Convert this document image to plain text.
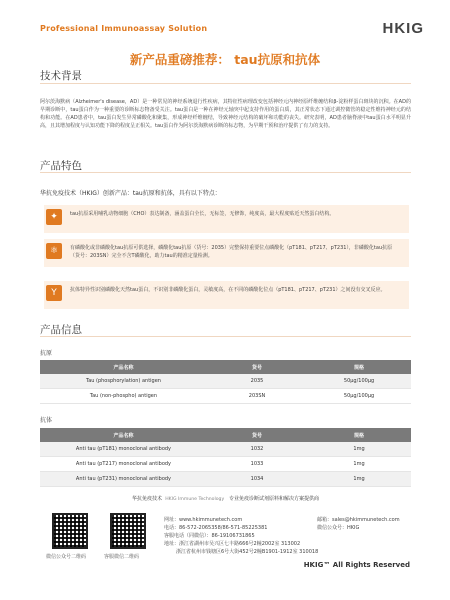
Professional Immunoassay Solution	HKIG
新产品重磅推荐： tau抗原和抗体
技术背景
阿尔茨海默病（Alzheimer's disease，AD）是一种常见的神经系统退行性疾病，其特征性病理改变包括神经元内神经原纤维缠结和β-淀粉样蛋白斑块的沉积。在AD的早期诊断中，tau蛋白作为一种重要的诊断标志物备受关注。tau蛋白是一种在神经元轴突中起支持作用的蛋白质，其正常状态下通过调控微管的稳定性维持神经元的结构和功能。在AD患者中，tau蛋白发生异常磷酸化和聚集，形成神经纤维缠结，导致神经元结构的破坏和功能的丧失。研究表明，AD患者脑脊液中tau蛋白水平明显升高，且其增加程度与认知功能下降的程度呈正相关。tau蛋白作为阿尔茨海默病诊断的标志物，为早期干预和治疗提供了有力的支持。
产品特色
华抗免疫技术（HKIG）创新产品：tau抗原和抗体，具有以下特点：
✦	tau抗原采用哺乳动物细胞（CHO）表达制备，涵盖蛋白全长，无标签，无修饰，纯度高，最大程度贴近天然蛋白结构。
⚛	有磷酸化或非磷酸化tau抗原可供选择，磷酸化tau抗原（货号：2035）完整保持重要位点磷酸化（pT181、pT217、pT231），非磷酸化tau抗原（货号：203SN）完全不含T磷酸化，助力tau的精准定量检测。
Y	抗体特异性识别磷酸化天然tau蛋白，不识别非磷酸化蛋白，灵敏度高，在不同的磷酸化位点（pT181、pT217、pT231）之间没有交叉反应。
产品信息
抗原
产品名称	货号	规格
Tau (phosphorylation) antigen	2035	50μg/100μg
Tau (non-phospho) antigen	203SN	50μg/100μg
抗体
产品名称	货号	规格
Anti tau (pT181) monoclonal antibody	1032	1mg
Anti tau (pT217) monoclonal antibody	1033	1mg
Anti tau (pT231) monoclonal antibody	1034	1mg
华抗免疫技术 HKIG Immune Technology 专业免疫诊断试剂原料和解决方案提供商
微信公众号二维码	客服微信二维码
网址：www.hkimmunetech.com	邮箱：sales@hkimmunetech.com
电话：86-572-2065358/86-571-85225381	微信公众号：HKIG
客服电话（同微信）：86-19106731865
地址：浙江省湖州市吴兴区七丰路666号2幢2002室 313002
浙江省杭州市钱塘区6号大街452号2幢B1901-1912室 310018
HKIG™ All Rights Reserved
